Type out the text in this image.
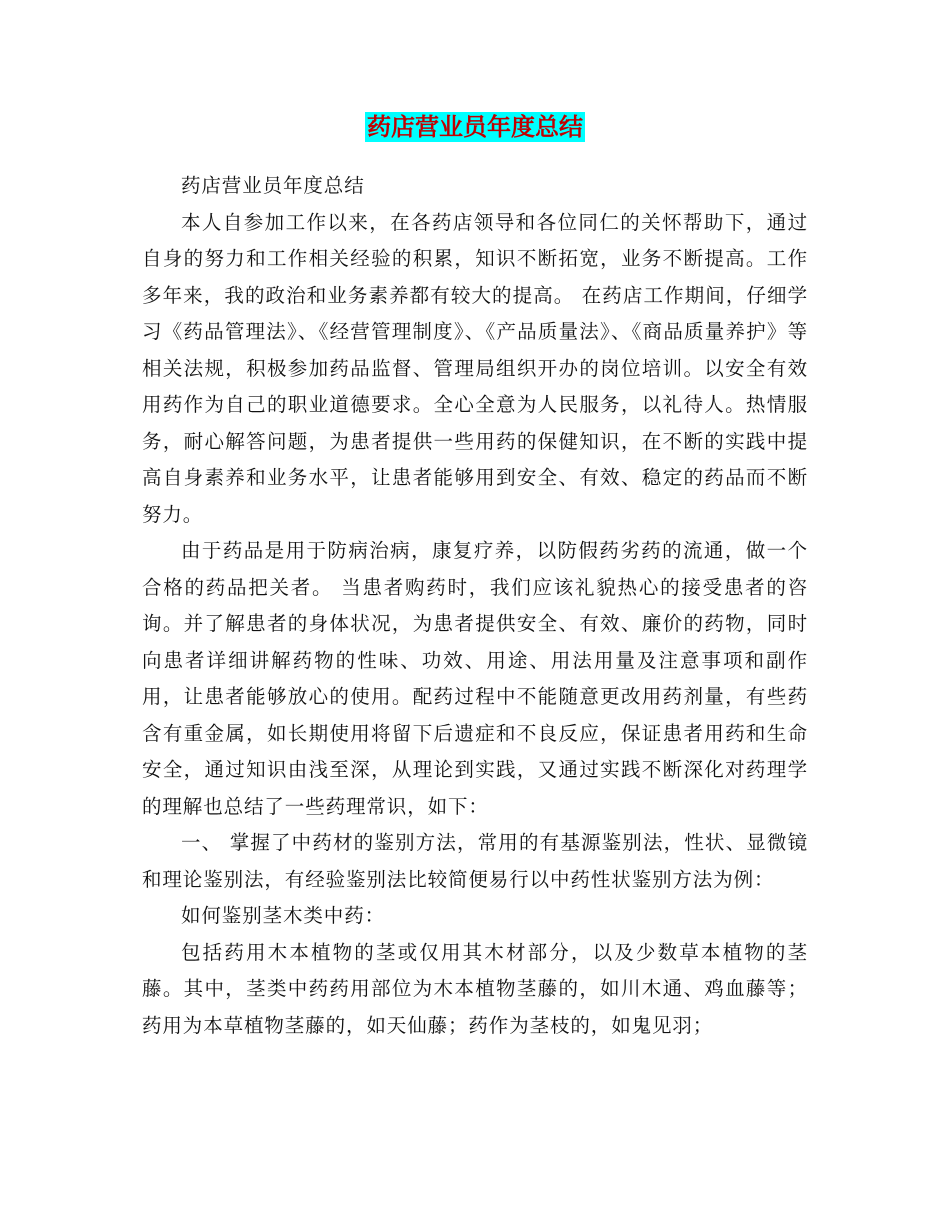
药店营业员年度总结

药店营业员年度总结

本人自参加工作以来，在各药店领导和各位同仁的关怀帮助下，通过自身的努力和工作相关经验的积累，知识不断拓宽，业务不断提高。工作多年来，我的政治和业务素养都有较大的提高。 在药店工作期间，仔细学习《药品管理法》、《经营管理制度》、《产品质量法》、《商品质量养护》等相关法规，积极参加药品监督、管理局组织开办的岗位培训。以安全有效用药作为自己的职业道德要求。全心全意为人民服务，以礼待人。热情服务，耐心解答问题，为患者提供一些用药的保健知识，在不断的实践中提高自身素养和业务水平，让患者能够用到安全、有效、稳定的药品而不断努力。

由于药品是用于防病治病，康复疗养，以防假药劣药的流通，做一个合格的药品把关者。 当患者购药时，我们应该礼貌热心的接受患者的咨询。并了解患者的身体状况，为患者提供安全、有效、廉价的药物，同时向患者详细讲解药物的性味、功效、用途、用法用量及注意事项和副作用，让患者能够放心的使用。配药过程中不能随意更改用药剂量，有些药含有重金属，如长期使用将留下后遗症和不良反应，保证患者用药和生命安全，通过知识由浅至深，从理论到实践，又通过实践不断深化对药理学的理解也总结了一些药理常识，如下：

一、 掌握了中药材的鉴别方法，常用的有基源鉴别法，性状、显微镜和理论鉴别法，有经验鉴别法比较简便易行以中药性状鉴别方法为例：

如何鉴别茎木类中药：

包括药用木本植物的茎或仅用其木材部分，以及少数草本植物的茎藤。其中，茎类中药药用部位为木本植物茎藤的，如川木通、鸡血藤等；药用为本草植物茎藤的，如天仙藤；药作为茎枝的，如鬼见羽；
